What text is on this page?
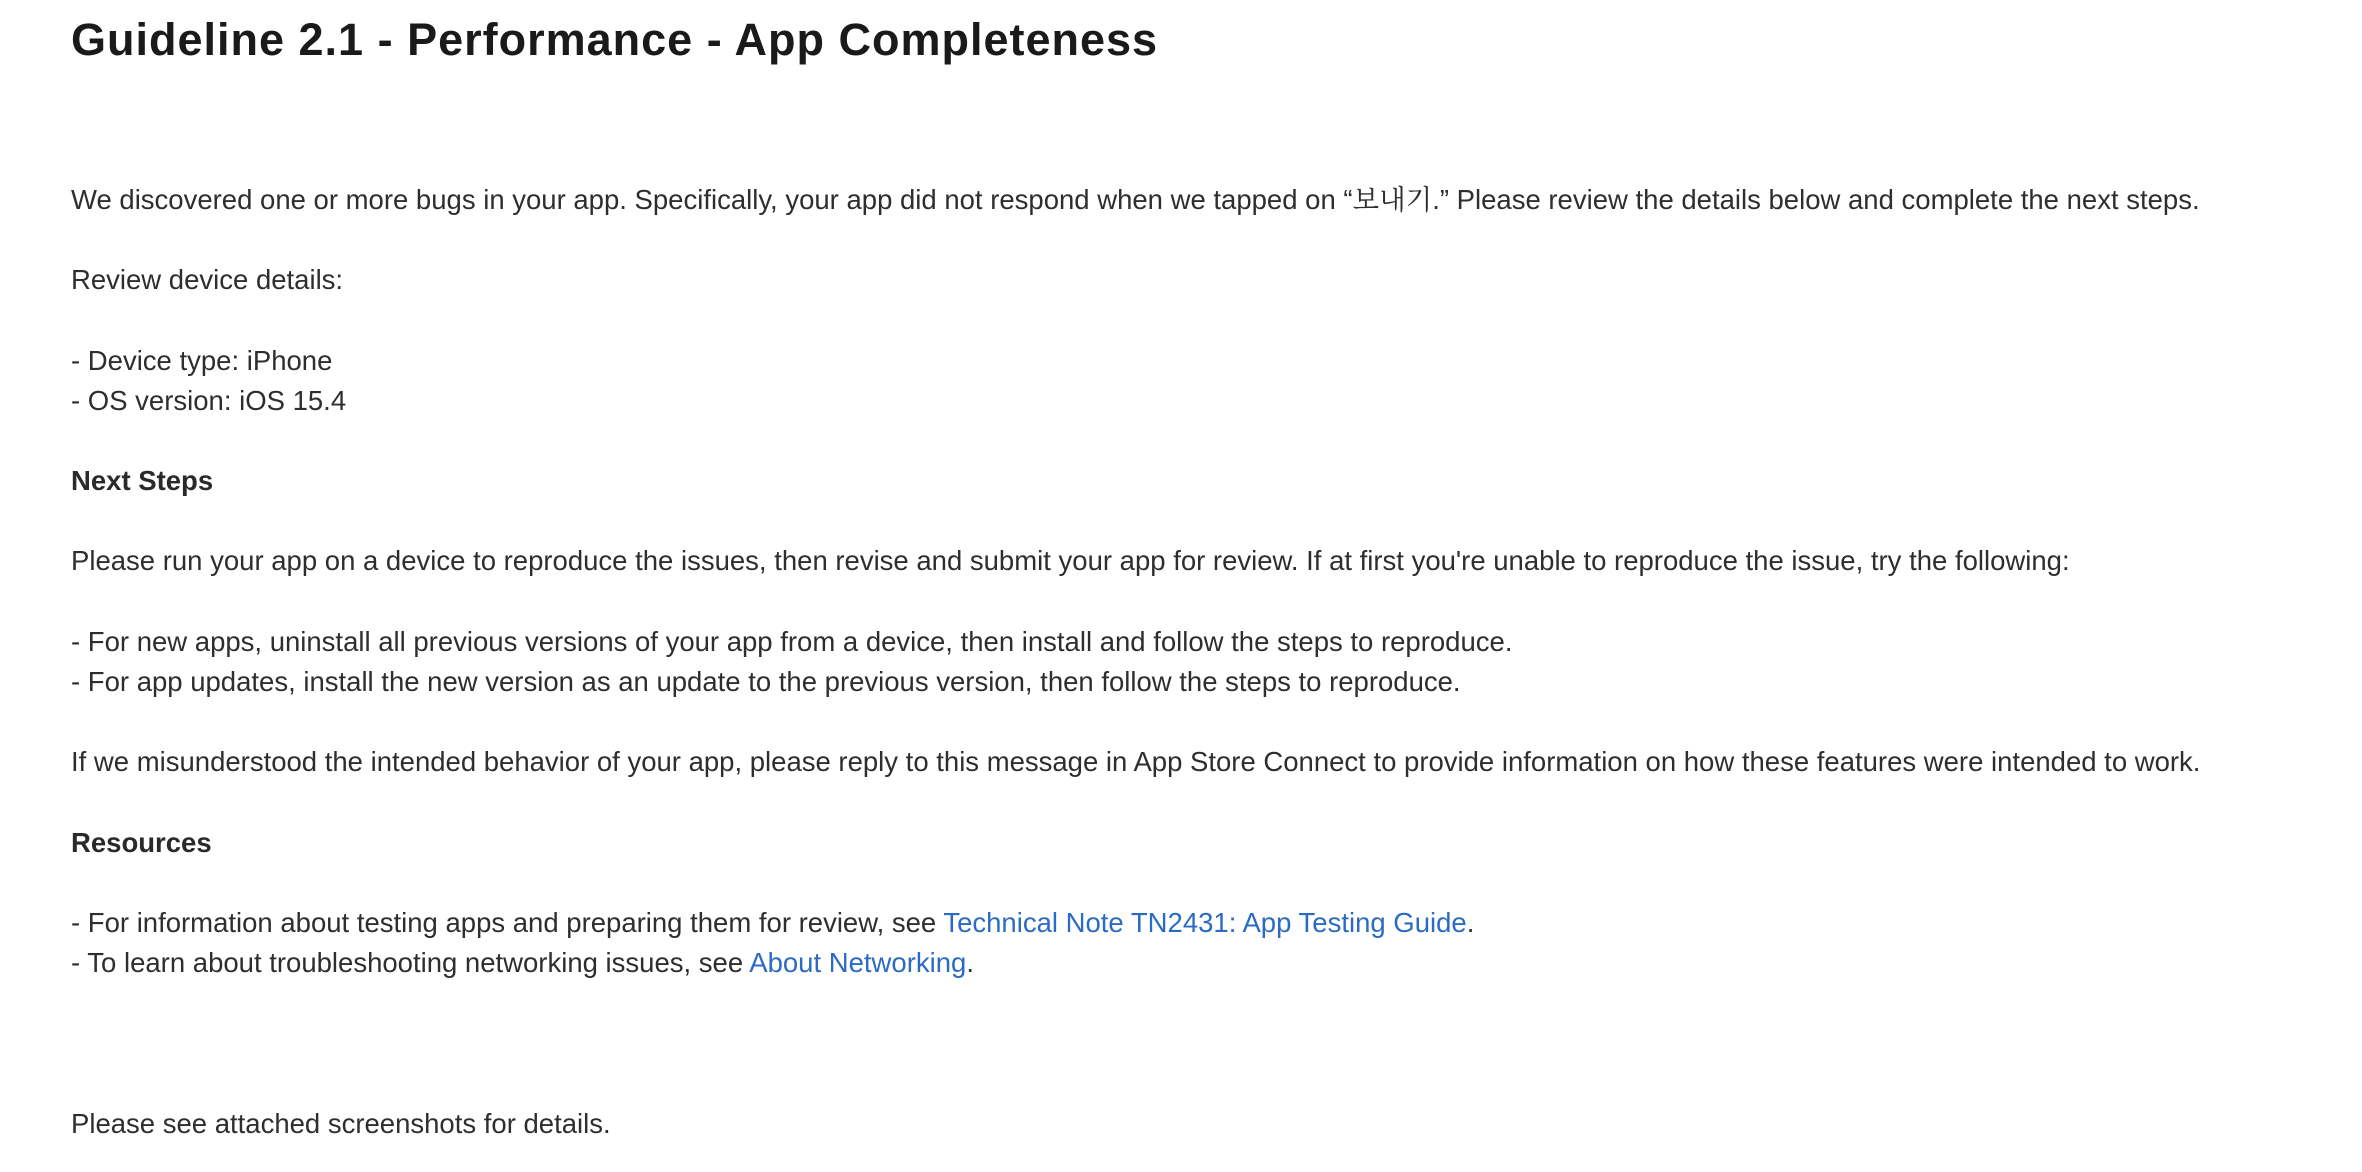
Guideline 2.1 - Performance - App Completeness
We discovered one or more bugs in your app. Specifically, your app did not respond when we tapped on “보내기.” Please review the details below and complete the next steps.
Review device details:
- Device type: iPhone
- OS version: iOS 15.4
Next Steps
Please run your app on a device to reproduce the issues, then revise and submit your app for review. If at first you're unable to reproduce the issue, try the following:
- For new apps, uninstall all previous versions of your app from a device, then install and follow the steps to reproduce.
- For app updates, install the new version as an update to the previous version, then follow the steps to reproduce.
If we misunderstood the intended behavior of your app, please reply to this message in App Store Connect to provide information on how these features were intended to work.
Resources
- For information about testing apps and preparing them for review, see Technical Note TN2431: App Testing Guide.
- To learn about troubleshooting networking issues, see About Networking.
Please see attached screenshots for details.
